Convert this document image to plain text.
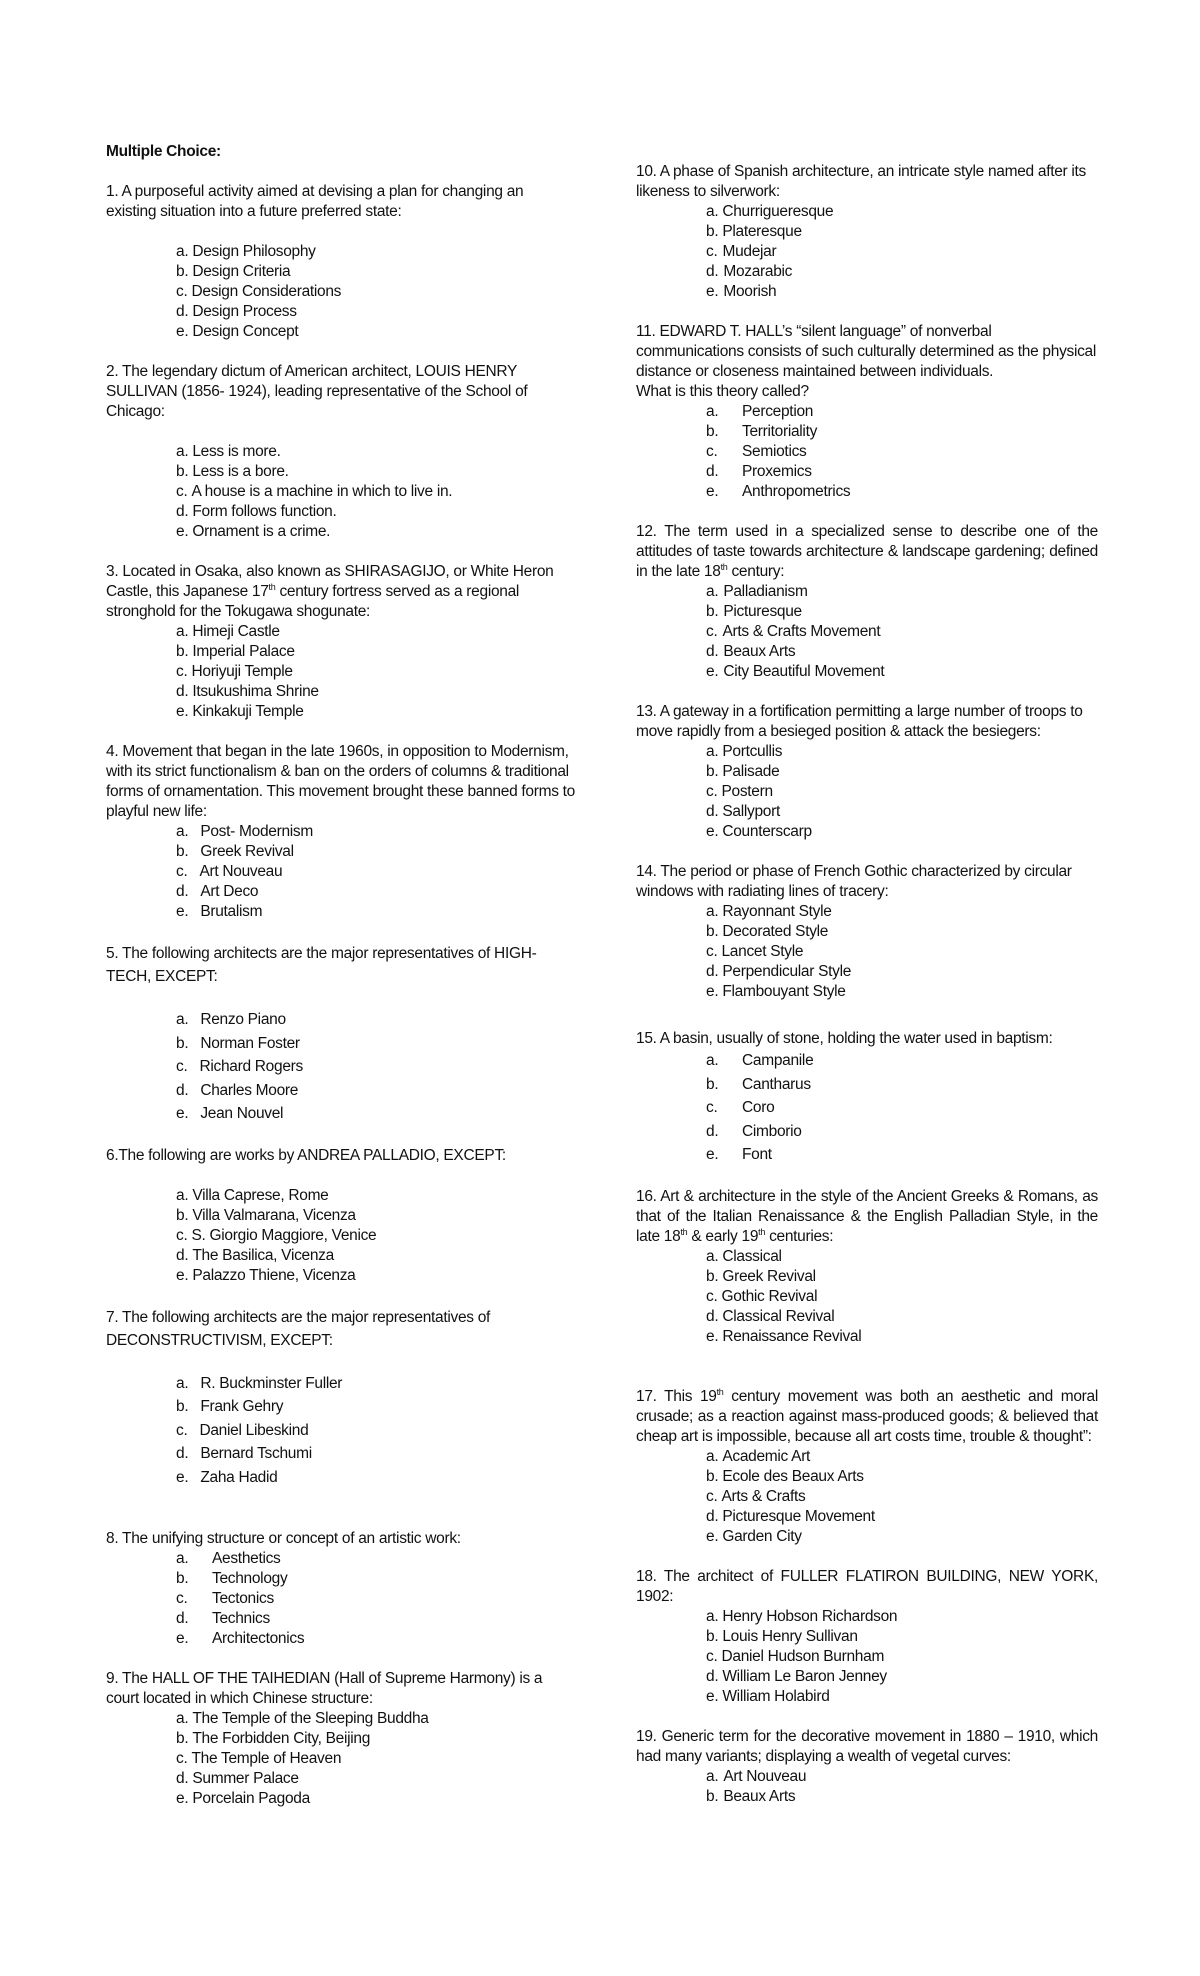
Multiple Choice:

1. A purposeful activity aimed at devising a plan for changing an existing situation into a future preferred state:

a.
Design Philosophy
b.
Design Criteria
c.
Design Considerations
d.
Design Process
e.
Design Concept

2. The legendary dictum of American architect, LOUIS HENRY SULLIVAN (1856- 1924), leading representative of the School of Chicago:

a.
Less is more.
b.
Less is a bore.
c.
A house is a machine in which to live in.
d.
Form follows function.
e.
Ornament is a crime.

3. Located in Osaka, also known as SHIRASAGIJO, or White Heron Castle, this Japanese 17th century fortress served as a regional stronghold for the Tokugawa shogunate:

a.
Himeji Castle
b.
Imperial Palace
c.
Horiyuji Temple
d.
Itsukushima Shrine
e.
Kinkakuji Temple

4. Movement that began in the late 1960s, in opposition to Modernism, with its strict functionalism & ban on the orders of columns & traditional forms of ornamentation. This movement brought these banned forms to playful new life:

a. Post- Modernism
b. Greek Revival
c. Art Nouveau
d. Art Deco
e. Brutalism

5. The following architects are the major representatives of HIGH-TECH, EXCEPT:

a. Renzo Piano
b. Norman Foster
c. Richard Rogers
d. Charles Moore
e. Jean Nouvel

6.The following are works by ANDREA PALLADIO, EXCEPT:

a.
Villa Caprese, Rome
b.
Villa Valmarana, Vicenza
c.
S. Giorgio Maggiore, Venice
d.
The Basilica, Vicenza
e.
Palazzo Thiene, Vicenza

7. The following architects are the major representatives of DECONSTRUCTIVISM, EXCEPT:

a. R. Buckminster Fuller
b. Frank Gehry
c. Daniel Libeskind
d. Bernard Tschumi
e. Zaha Hadid

8. The unifying structure or concept of an artistic work:

a.	Aesthetics
b.	Technology
c.	Tectonics
d.	Technics
e.	Architectonics

9. The HALL OF THE TAIHEDIAN (Hall of Supreme Harmony) is a court located in which Chinese structure:

a.
The Temple of the Sleeping Buddha
b.
The Forbidden City, Beijing
c.
The Temple of Heaven
d.
Summer Palace
e.
Porcelain Pagoda

10. A phase of Spanish architecture, an intricate style named after its likeness to silverwork:

a.
Churrigueresque
b.
Plateresque
c. Mudejar
d. Mozarabic
e. Moorish

11. EDWARD T. HALL’s “silent language” of nonverbal communications consists of such culturally determined as the physical distance or closeness maintained between individuals.

What is this theory called?

a.	Perception
b.	Territoriality
c.	Semiotics
d.	Proxemics
e.	Anthropometrics

12. The term used in a specialized sense to describe one of the attitudes of taste towards architecture & landscape gardening; defined in the late 18th century:

a. Palladianism
b. Picturesque
c. Arts & Crafts Movement
d. Beaux Arts
e. City Beautiful Movement

13. A gateway in a fortification permitting a large number of troops to move rapidly from a besieged position & attack the besiegers:

a.
Portcullis
b.
Palisade
c.
Postern
d.
Sallyport
e.
Counterscarp

14. The period or phase of French Gothic characterized by circular windows with radiating lines of tracery:

a.
Rayonnant Style
b.
Decorated Style
c.
Lancet Style
d.
Perpendicular Style
e.
Flambouyant Style

15. A basin, usually of stone, holding the water used in baptism:

a.	Campanile
b.	Cantharus
c.	Coro
d.	Cimborio
e.	Font

16. Art & architecture in the style of the Ancient Greeks & Romans, as that of the Italian Renaissance & the English Palladian Style, in the late 18th & early 19th centuries:

a.
Classical
b.
Greek Revival
c.
Gothic Revival
d.
Classical Revival
e.
Renaissance Revival

17. This 19th century movement was both an aesthetic and moral crusade; as a reaction against mass-produced goods; & believed that cheap art is impossible, because all art costs time, trouble & thought”:

a.
Academic Art
b.
Ecole des Beaux Arts
c.
Arts & Crafts
d.
Picturesque Movement
e.
Garden City

18. The architect of FULLER FLATIRON BUILDING, NEW YORK, 1902:

a.
Henry Hobson Richardson
b.
Louis Henry Sullivan
c.
Daniel Hudson Burnham
d.
William Le Baron Jenney
e.
William Holabird

19. Generic term for the decorative movement in 1880 – 1910, which had many variants; displaying a wealth of vegetal curves:

a. Art Nouveau
b. Beaux Arts
